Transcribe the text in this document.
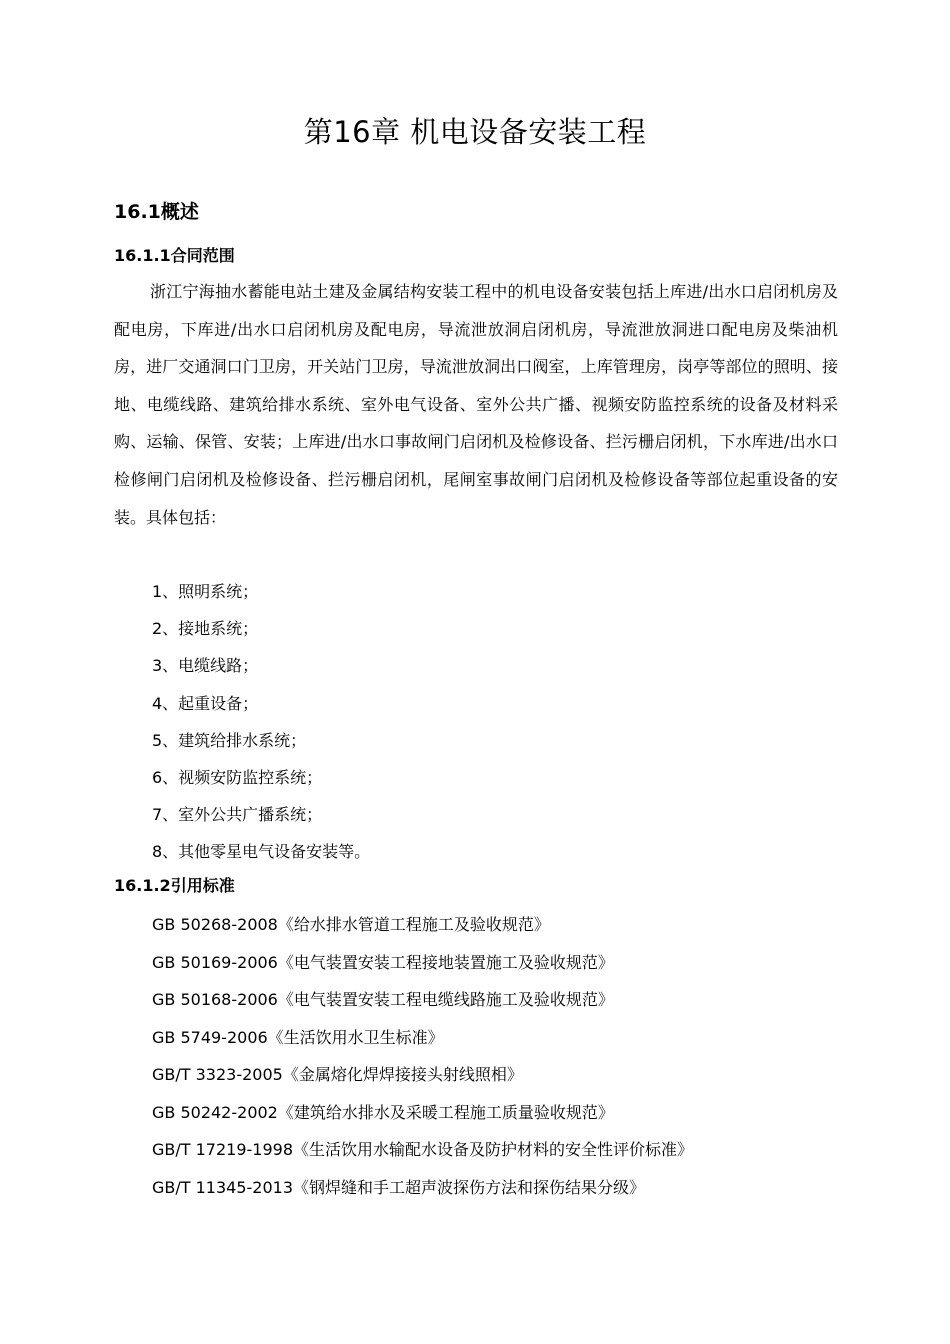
第16章 机电设备安装工程
16.1概述
16.1.1合同范围

浙江宁海抽水蓄能电站土建及金属结构安装工程中的机电设备安装包括上库进/出水口启闭机房及配电房，下库进/出水口启闭机房及配电房，导流泄放洞启闭机房，导流泄放洞进口配电房及柴油机房，进厂交通洞口门卫房，开关站门卫房，导流泄放洞出口阀室，上库管理房，岗亭等部位的照明、接地、电缆线路、建筑给排水系统、室外电气设备、室外公共广播、视频安防监控系统的设备及材料采购、运输、保管、安装；上库进/出水口事故闸门启闭机及检修设备、拦污栅启闭机，下水库进/出水口检修闸门启闭机及检修设备、拦污栅启闭机，尾闸室事故闸门启闭机及检修设备等部位起重设备的安装。具体包括：

1、照明系统；
2、接地系统；
3、电缆线路；
4、起重设备；
5、建筑给排水系统；
6、视频安防监控系统；
7、室外公共广播系统；
8、其他零星电气设备安装等。
16.1.2引用标准
GB 50268-2008《给水排水管道工程施工及验收规范》
GB 50169-2006《电气装置安装工程接地装置施工及验收规范》
GB 50168-2006《电气装置安装工程电缆线路施工及验收规范》
GB 5749-2006《生活饮用水卫生标准》
GB/T 3323-2005《金属熔化焊焊接接头射线照相》
GB 50242-2002《建筑给水排水及采暖工程施工质量验收规范》
GB/T 17219-1998《生活饮用水输配水设备及防护材料的安全性评价标准》
GB/T 11345-2013《钢焊缝和手工超声波探伤方法和探伤结果分级》
